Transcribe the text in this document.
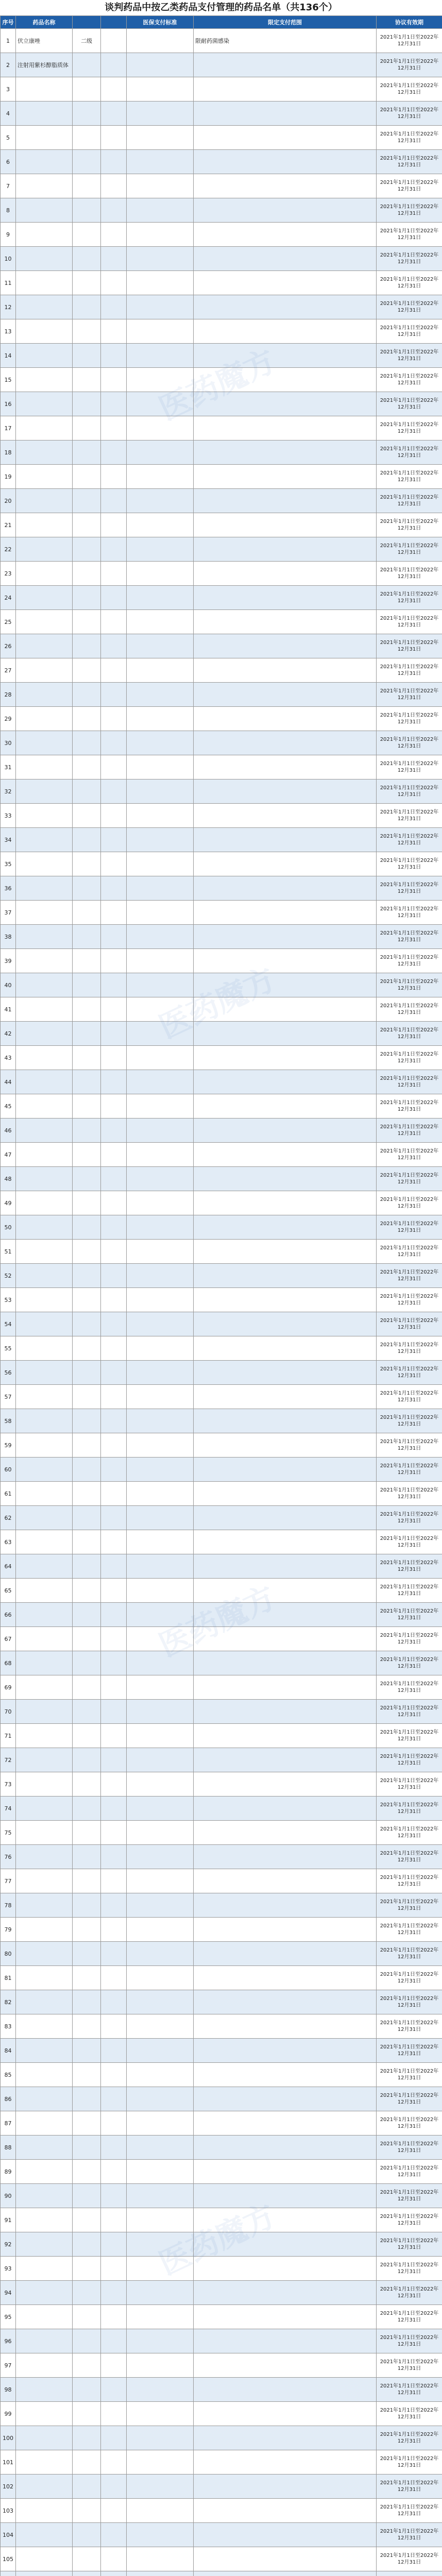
谈判药品中按乙类药品支付管理的药品名单（共136个）
序号	药品名称			医保支付标准	限定支付范围	协议有效期
1	伏立康唑	二级			限耐药菌感染	2021年1月1日至2022年12月31日
2	注射用紫杉醇脂质体					2021年1月1日至2022年12月31日
3						2021年1月1日至2022年12月31日
4						2021年1月1日至2022年12月31日
5						2021年1月1日至2022年12月31日
6						2021年1月1日至2022年12月31日
7						2021年1月1日至2022年12月31日
8						2021年1月1日至2022年12月31日
9						2021年1月1日至2022年12月31日
10						2021年1月1日至2022年12月31日
11						2021年1月1日至2022年12月31日
12						2021年1月1日至2022年12月31日
13						2021年1月1日至2022年12月31日
14						2021年1月1日至2022年12月31日
15						2021年1月1日至2022年12月31日
16						2021年1月1日至2022年12月31日
17						2021年1月1日至2022年12月31日
18						2021年1月1日至2022年12月31日
19						2021年1月1日至2022年12月31日
20						2021年1月1日至2022年12月31日
21						2021年1月1日至2022年12月31日
22						2021年1月1日至2022年12月31日
23						2021年1月1日至2022年12月31日
24						2021年1月1日至2022年12月31日
25						2021年1月1日至2022年12月31日
26						2021年1月1日至2022年12月31日
27						2021年1月1日至2022年12月31日
28						2021年1月1日至2022年12月31日
29						2021年1月1日至2022年12月31日
30						2021年1月1日至2022年12月31日
31						2021年1月1日至2022年12月31日
32						2021年1月1日至2022年12月31日
33						2021年1月1日至2022年12月31日
34						2021年1月1日至2022年12月31日
35						2021年1月1日至2022年12月31日
36						2021年1月1日至2022年12月31日
37						2021年1月1日至2022年12月31日
38						2021年1月1日至2022年12月31日
39						2021年1月1日至2022年12月31日
40						2021年1月1日至2022年12月31日
41						2021年1月1日至2022年12月31日
42						2021年1月1日至2022年12月31日
43						2021年1月1日至2022年12月31日
44						2021年1月1日至2022年12月31日
45						2021年1月1日至2022年12月31日
46						2021年1月1日至2022年12月31日
47						2021年1月1日至2022年12月31日
48						2021年1月1日至2022年12月31日
49						2021年1月1日至2022年12月31日
50						2021年1月1日至2022年12月31日
51						2021年1月1日至2022年12月31日
52						2021年1月1日至2022年12月31日
53						2021年1月1日至2022年12月31日
54						2021年1月1日至2022年12月31日
55						2021年1月1日至2022年12月31日
56						2021年1月1日至2022年12月31日
57						2021年1月1日至2022年12月31日
58						2021年1月1日至2022年12月31日
59						2021年1月1日至2022年12月31日
60						2021年1月1日至2022年12月31日
61						2021年1月1日至2022年12月31日
62						2021年1月1日至2022年12月31日
63						2021年1月1日至2022年12月31日
64						2021年1月1日至2022年12月31日
65						2021年1月1日至2022年12月31日
66						2021年1月1日至2022年12月31日
67						2021年1月1日至2022年12月31日
68						2021年1月1日至2022年12月31日
69						2021年1月1日至2022年12月31日
70						2021年1月1日至2022年12月31日
71						2021年1月1日至2022年12月31日
72						2021年1月1日至2022年12月31日
73						2021年1月1日至2022年12月31日
74						2021年1月1日至2022年12月31日
75						2021年1月1日至2022年12月31日
76						2021年1月1日至2022年12月31日
77						2021年1月1日至2022年12月31日
78						2021年1月1日至2022年12月31日
79						2021年1月1日至2022年12月31日
80						2021年1月1日至2022年12月31日
81						2021年1月1日至2022年12月31日
82						2021年1月1日至2022年12月31日
83						2021年1月1日至2022年12月31日
84						2021年1月1日至2022年12月31日
85						2021年1月1日至2022年12月31日
86						2021年1月1日至2022年12月31日
87						2021年1月1日至2022年12月31日
88						2021年1月1日至2022年12月31日
89						2021年1月1日至2022年12月31日
90						2021年1月1日至2022年12月31日
91						2021年1月1日至2022年12月31日
92						2021年1月1日至2022年12月31日
93						2021年1月1日至2022年12月31日
94						2021年1月1日至2022年12月31日
95						2021年1月1日至2022年12月31日
96						2021年1月1日至2022年12月31日
97						2021年1月1日至2022年12月31日
98						2021年1月1日至2022年12月31日
99						2021年1月1日至2022年12月31日
100						2021年1月1日至2022年12月31日
101						2021年1月1日至2022年12月31日
102						2021年1月1日至2022年12月31日
103						2021年1月1日至2022年12月31日
104						2021年1月1日至2022年12月31日
105						2021年1月1日至2022年12月31日

医药魔方
医药魔方
